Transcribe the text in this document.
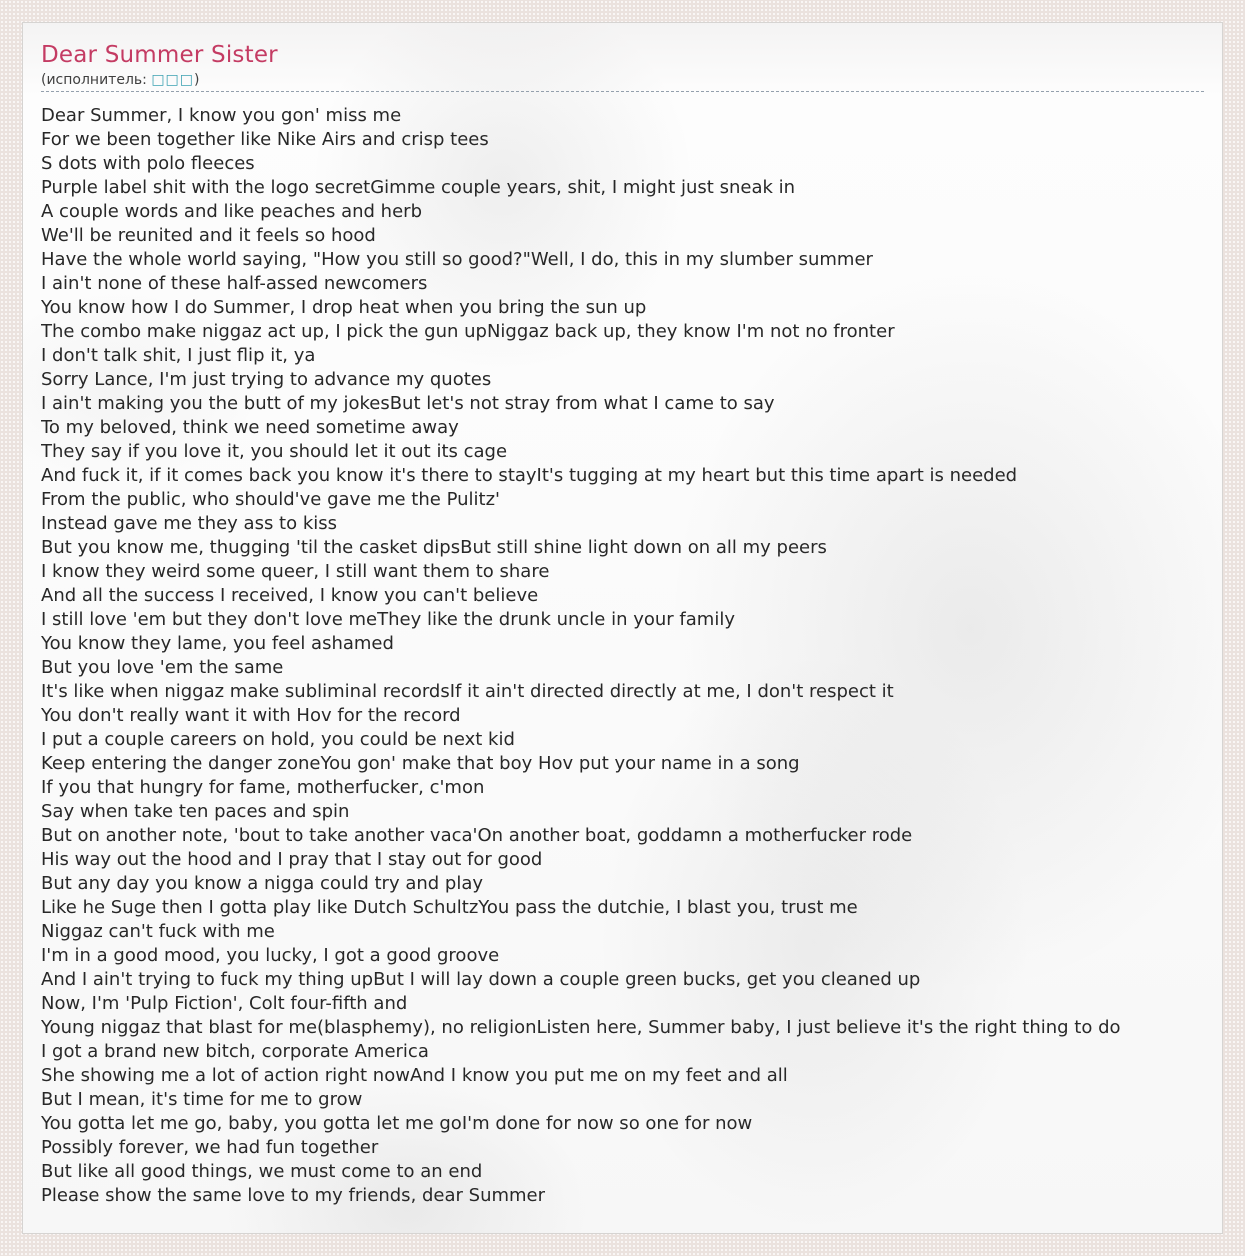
Dear Summer Sister
(исполнитель: □□□)
Dear Summer, I know you gon' miss me
For we been together like Nike Airs and crisp tees
S dots with polo fleeces
Purple label shit with the logo secretGimme couple years, shit, I might just sneak in
A couple words and like peaches and herb
We'll be reunited and it feels so hood
Have the whole world saying, "How you still so good?"Well, I do, this in my slumber summer
I ain't none of these half-assed newcomers
You know how I do Summer, I drop heat when you bring the sun up
The combo make niggaz act up, I pick the gun upNiggaz back up, they know I'm not no fronter
I don't talk shit, I just flip it, ya
Sorry Lance, I'm just trying to advance my quotes
I ain't making you the butt of my jokesBut let's not stray from what I came to say
To my beloved, think we need sometime away
They say if you love it, you should let it out its cage
And fuck it, if it comes back you know it's there to stayIt's tugging at my heart but this time apart is needed
From the public, who should've gave me the Pulitz'
Instead gave me they ass to kiss
But you know me, thugging 'til the casket dipsBut still shine light down on all my peers
I know they weird some queer, I still want them to share
And all the success I received, I know you can't believe
I still love 'em but they don't love meThey like the drunk uncle in your family
You know they lame, you feel ashamed
But you love 'em the same
It's like when niggaz make subliminal recordsIf it ain't directed directly at me, I don't respect it
You don't really want it with Hov for the record
I put a couple careers on hold, you could be next kid
Keep entering the danger zoneYou gon' make that boy Hov put your name in a song
If you that hungry for fame, motherfucker, c'mon
Say when take ten paces and spin
But on another note, 'bout to take another vaca'On another boat, goddamn a motherfucker rode
His way out the hood and I pray that I stay out for good
But any day you know a nigga could try and play
Like he Suge then I gotta play like Dutch SchultzYou pass the dutchie, I blast you, trust me
Niggaz can't fuck with me
I'm in a good mood, you lucky, I got a good groove
And I ain't trying to fuck my thing upBut I will lay down a couple green bucks, get you cleaned up
Now, I'm 'Pulp Fiction', Colt four-fifth and
Young niggaz that blast for me(blasphemy), no religionListen here, Summer baby, I just believe it's the right thing to do
I got a brand new bitch, corporate America
She showing me a lot of action right nowAnd I know you put me on my feet and all
But I mean, it's time for me to grow
You gotta let me go, baby, you gotta let me goI'm done for now so one for now
Possibly forever, we had fun together
But like all good things, we must come to an end
Please show the same love to my friends, dear Summer
